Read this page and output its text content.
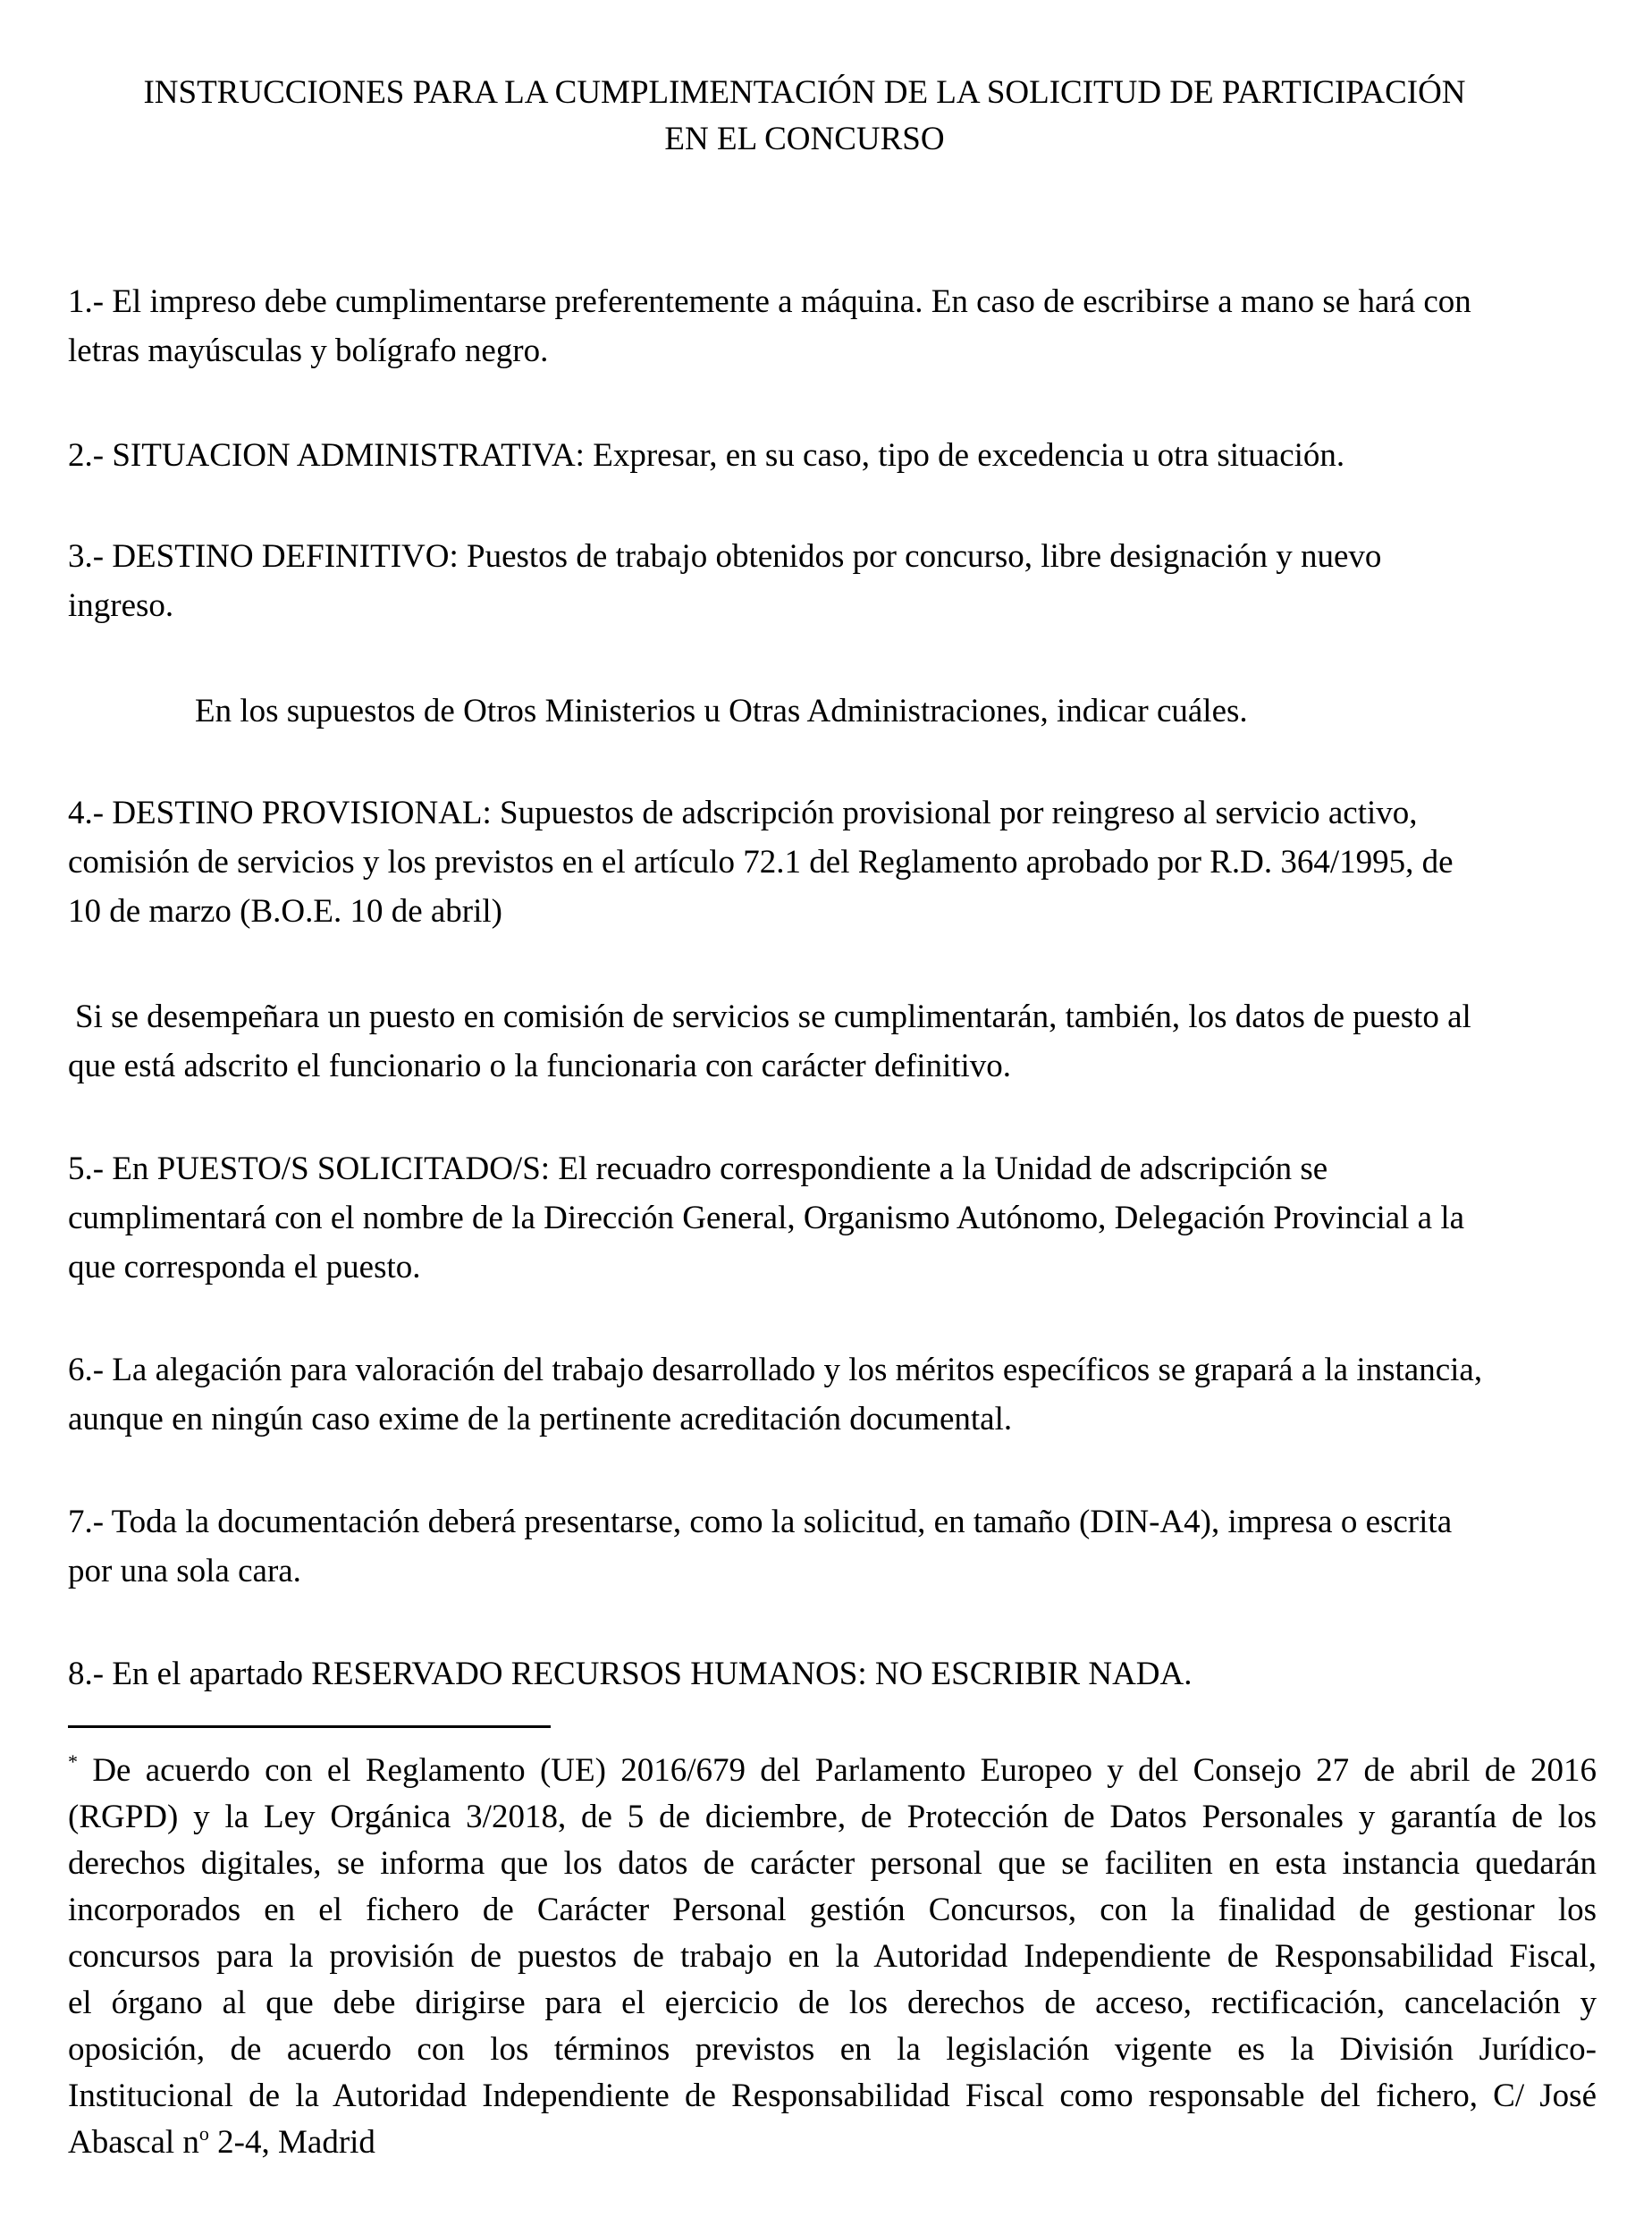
INSTRUCCIONES PARA LA CUMPLIMENTACIÓN DE LA SOLICITUD DE PARTICIPACIÓN
EN EL CONCURSO
1.- El impreso debe cumplimentarse preferentemente a máquina. En caso de escribirse a mano se hará con
letras mayúsculas y bolígrafo negro.
2.- SITUACION ADMINISTRATIVA: Expresar, en su caso, tipo de excedencia u otra situación.
3.- DESTINO DEFINITIVO: Puestos de trabajo obtenidos por concurso, libre designación y nuevo
ingreso.
En los supuestos de Otros Ministerios u Otras Administraciones, indicar cuáles.
4.- DESTINO PROVISIONAL: Supuestos de adscripción provisional por reingreso al servicio activo,
comisión de servicios y los previstos en el artículo 72.1 del Reglamento aprobado por R.D. 364/1995, de
10 de marzo (B.O.E. 10 de abril)
Si se desempeñara un puesto en comisión de servicios se cumplimentarán, también, los datos de puesto al
que está adscrito el funcionario o la funcionaria con carácter definitivo.
5.- En PUESTO/S SOLICITADO/S: El recuadro correspondiente a la Unidad de adscripción se
cumplimentará con el nombre de la Dirección General, Organismo Autónomo, Delegación Provincial a la
que corresponda el puesto.
6.- La alegación para valoración del trabajo desarrollado y los méritos específicos se grapará a la instancia,
aunque en ningún caso exime de la pertinente acreditación documental.
7.- Toda la documentación deberá presentarse, como la solicitud, en tamaño (DIN-A4), impresa o escrita
por una sola cara.
8.- En el apartado RESERVADO RECURSOS HUMANOS: NO ESCRIBIR NADA.
* De acuerdo con el Reglamento (UE) 2016/679 del Parlamento Europeo y del Consejo 27 de abril de 2016
(RGPD) y la Ley Orgánica 3/2018, de 5 de diciembre, de Protección de Datos Personales y garantía de los
derechos digitales, se informa que los datos de carácter personal que se faciliten en esta instancia quedarán
incorporados en el fichero de Carácter Personal gestión Concursos, con la finalidad de gestionar los
concursos para la provisión de puestos de trabajo en la Autoridad Independiente de Responsabilidad Fiscal,
el órgano al que debe dirigirse para el ejercicio de los derechos de acceso, rectificación, cancelación y
oposición, de acuerdo con los términos previstos en la legislación vigente es la División Jurídico-
Institucional de la Autoridad Independiente de Responsabilidad Fiscal como responsable del fichero, C/ José
Abascal $n^o$ 2-4, Madrid
